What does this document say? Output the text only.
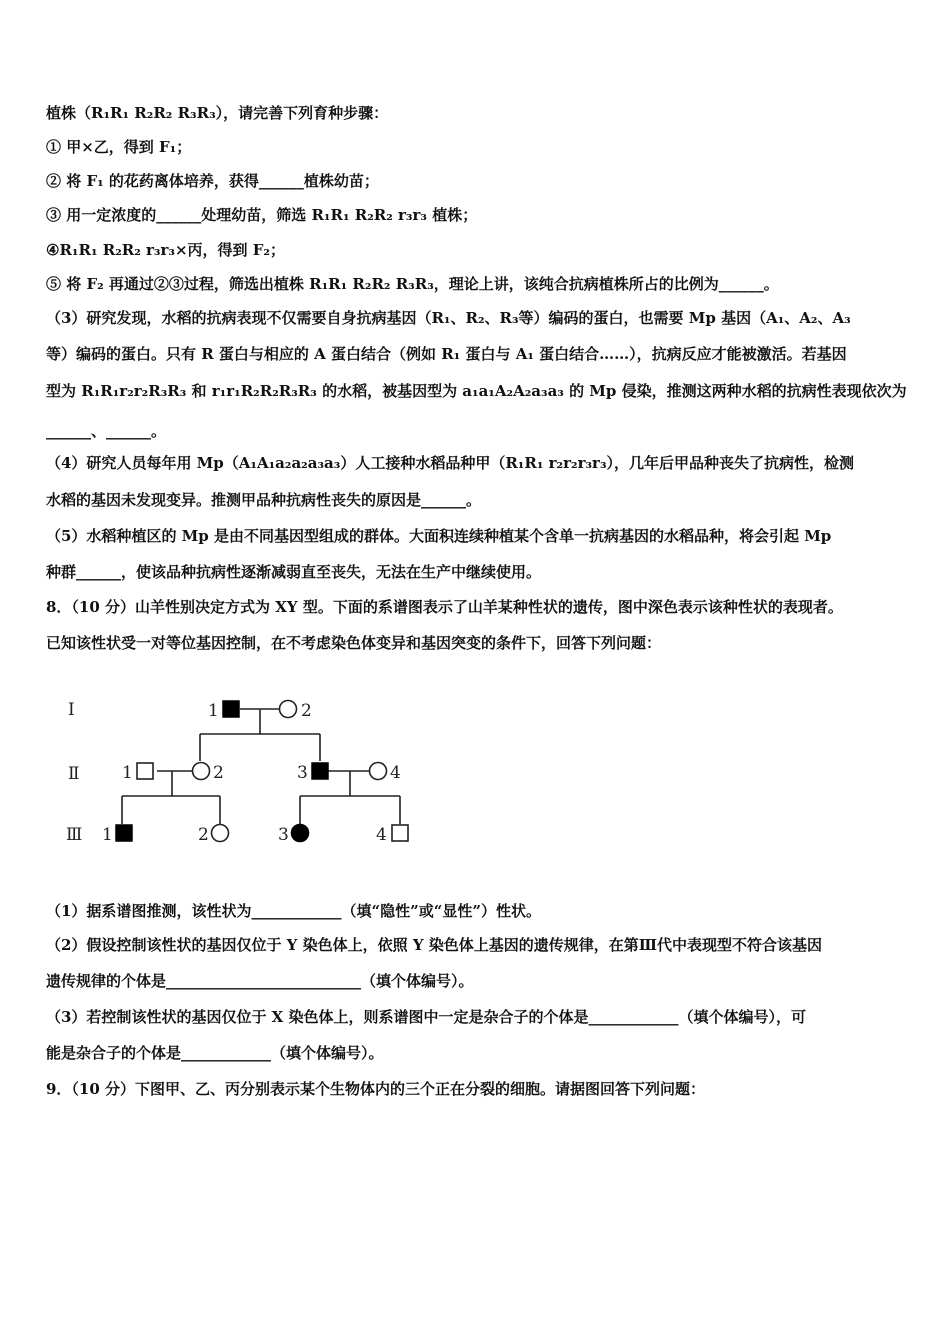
植株（R₁R₁ R₂R₂ R₃R₃），请完善下列育种步骤：
① 甲×乙，得到 F₁；
② 将 F₁ 的花药离体培养，获得______植株幼苗；
③ 用一定浓度的______处理幼苗，筛选 R₁R₁ R₂R₂ r₃r₃ 植株；
④R₁R₁ R₂R₂ r₃r₃×丙，得到 F₂；
⑤ 将 F₂ 再通过②③过程，筛选出植株 R₁R₁ R₂R₂ R₃R₃，理论上讲，该纯合抗病植株所占的比例为______。
（3）研究发现，水稻的抗病表现不仅需要自身抗病基因（R₁、R₂、R₃等）编码的蛋白，也需要 Mp 基因（A₁、A₂、A₃
等）编码的蛋白。只有 R 蛋白与相应的 A 蛋白结合（例如 R₁ 蛋白与 A₁ 蛋白结合……），抗病反应才能被激活。若基因
型为 R₁R₁r₂r₂R₃R₃ 和 r₁r₁R₂R₂R₃R₃ 的水稻，被基因型为 a₁a₁A₂A₂a₃a₃ 的 Mp 侵染，推测这两种水稻的抗病性表现依次为
______、______。
（4）研究人员每年用 Mp（A₁A₁a₂a₂a₃a₃）人工接种水稻品种甲（R₁R₁ r₂r₂r₃r₃），几年后甲品种丧失了抗病性，检测
水稻的基因未发现变异。推测甲品种抗病性丧失的原因是______。
（5）水稻种植区的 Mp 是由不同基因型组成的群体。大面积连续种植某个含单一抗病基因的水稻品种，将会引起 Mp
种群______，使该品种抗病性逐渐减弱直至丧失，无法在生产中继续使用。
8．（10 分）山羊性别决定方式为 XY 型。下面的系谱图表示了山羊某种性状的遗传，图中深色表示该种性状的表现者。
已知该性状受一对等位基因控制，在不考虑染色体变异和基因突变的条件下，回答下列问题：
Ⅰ
Ⅱ
Ⅲ
1	2
1	2	3	4
1	2	3	4
（1）据系谱图推测，该性状为____________（填“隐性”或“显性”）性状。
（2）假设控制该性状的基因仅位于 Y 染色体上，依照 Y 染色体上基因的遗传规律，在第Ⅲ代中表现型不符合该基因
遗传规律的个体是__________________________（填个体编号）。
（3）若控制该性状的基因仅位于 X 染色体上，则系谱图中一定是杂合子的个体是____________（填个体编号），可
能是杂合子的个体是____________（填个体编号）。
9．（10 分）下图甲、乙、丙分别表示某个生物体内的三个正在分裂的细胞。请据图回答下列问题：
